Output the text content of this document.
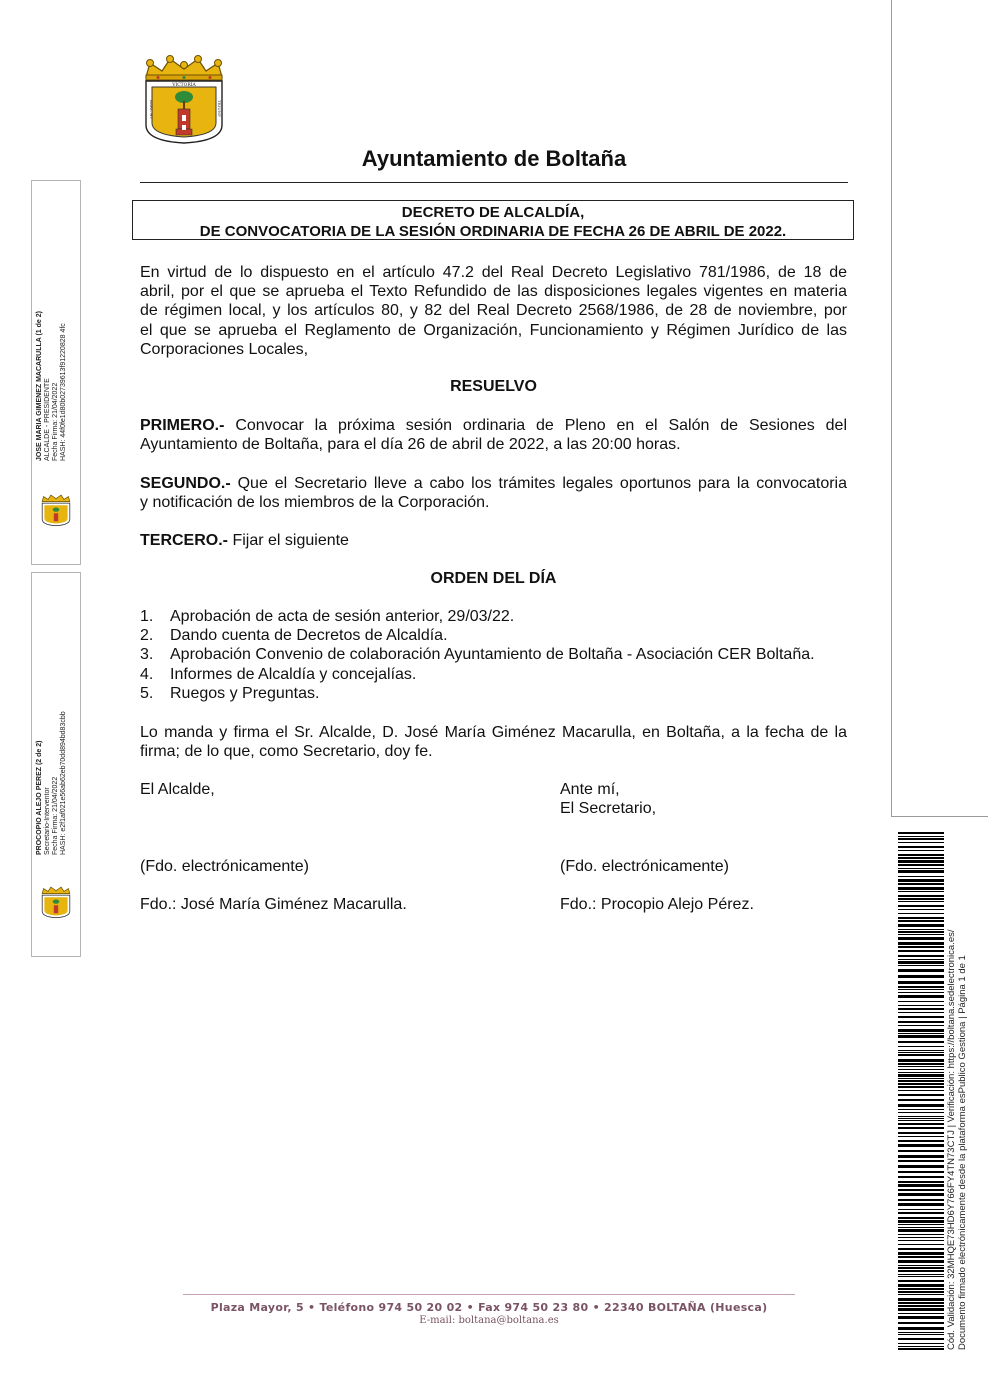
VICTORIA
BARC HT	TRIUNF
Ayuntamiento de Boltaña
DECRETO DE ALCALDÍA,
DE CONVOCATORIA DE LA SESIÓN ORDINARIA DE FECHA 26 DE ABRIL DE 2022.
En virtud de lo dispuesto en el artículo 47.2 del Real Decreto Legislativo 781/1986, de 18 de
abril, por el que se aprueba el Texto Refundido de las disposiciones legales vigentes en materia
de régimen local, y los artículos 80, y 82 del Real Decreto 2568/1986, de 28 de noviembre, por
el que se aprueba el Reglamento de Organización, Funcionamiento y Régimen Jurídico de las
Corporaciones Locales,
RESUELVO
PRIMERO.- Convocar la próxima sesión ordinaria de Pleno en el Salón de Sesiones del
Ayuntamiento de Boltaña, para el día 26 de abril de 2022, a las 20:00 horas.
SEGUNDO.- Que el Secretario lleve a cabo los trámites legales oportunos para la convocatoria
y notificación de los miembros de la Corporación.
TERCERO.- Fijar el siguiente
ORDEN DEL DÍA
1.	Aprobación de acta de sesión anterior, 29/03/22.
2.	Dando cuenta de Decretos de Alcaldía.
3.	Aprobación Convenio de colaboración Ayuntamiento de Boltaña - Asociación CER Boltaña.
4.	Informes de Alcaldía y concejalías.
5.	Ruegos y Preguntas.
Lo manda y firma el Sr. Alcalde, D. José María Giménez Macarulla, en Boltaña, a la fecha de la
firma; de lo que, como Secretario, doy fe.
El Alcalde,	Ante mí,
El Secretario,
(Fdo. electrónicamente)	(Fdo. electrónicamente)
Fdo.: José María Giménez Macarulla.	Fdo.: Procopio Alejo Pérez.
JOSE MARIA GIMENEZ MACARULLA (1 de 2) ALCALDE - PRESIDENTE Fecha Firma: 21/04/2022 HASH: 44f0fe1d80b02739613f91220828 4fc
PROCOPIO ALEJO PEREZ (2 de 2) Secretario-Interventor Fecha Firma: 21/04/2022 HASH: e2f1af021e56ab62eb70dd894bd83cbb
Cód. Validación: 32MHQE73HD6Y766FY4TN73CTJ | Verificación: https://boltana.sedelectronica.es/ Documento firmado electrónicamente desde la plataforma esPublico Gestiona | Página 1 de 1
Plaza Mayor, 5 • Teléfono 974 50 20 02 • Fax 974 50 23 80 • 22340 BOLTAÑA (Huesca)
E-mail: boltana@boltana.es
